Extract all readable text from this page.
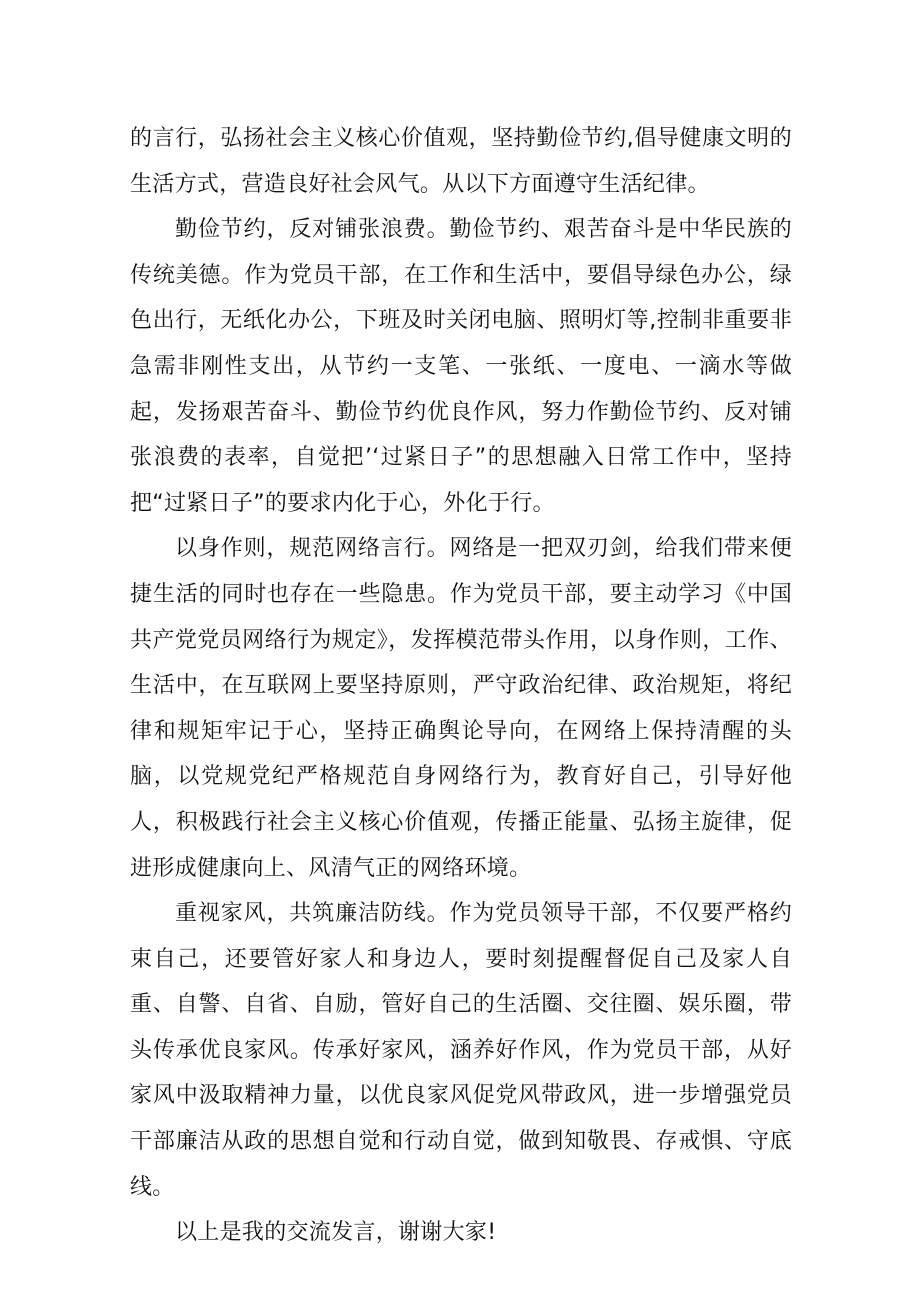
的言行，弘扬社会主义核心价值观，坚持勤俭节约,倡导健康文明的生活方式，营造良好社会风气。从以下方面遵守生活纪律。

勤俭节约，反对铺张浪费。勤俭节约、艰苦奋斗是中华民族的传统美德。作为党员干部，在工作和生活中，要倡导绿色办公，绿色出行，无纸化办公，下班及时关闭电脑、照明灯等,控制非重要非急需非刚性支出，从节约一支笔、一张纸、一度电、一滴水等做起，发扬艰苦奋斗、勤俭节约优良作风，努力作勤俭节约、反对铺张浪费的表率，自觉把’‘过紧日子”的思想融入日常工作中，坚持把“过紧日子”的要求内化于心，外化于行。

以身作则，规范网络言行。网络是一把双刃剑，给我们带来便捷生活的同时也存在一些隐患。作为党员干部，要主动学习《中国共产党党员网络行为规定》，发挥模范带头作用，以身作则，工作、生活中，在互联网上要坚持原则，严守政治纪律、政治规矩，将纪律和规矩牢记于心，坚持正确舆论导向，在网络上保持清醒的头脑，以党规党纪严格规范自身网络行为，教育好自己，引导好他人，积极践行社会主义核心价值观，传播正能量、弘扬主旋律，促进形成健康向上、风清气正的网络环境。

重视家风，共筑廉洁防线。作为党员领导干部，不仅要严格约束自己，还要管好家人和身边人，要时刻提醒督促自己及家人自重、自警、自省、自励，管好自己的生活圈、交往圈、娱乐圈，带头传承优良家风。传承好家风，涵养好作风，作为党员干部，从好家风中汲取精神力量，以优良家风促党风带政风，进一步增强党员干部廉洁从政的思想自觉和行动自觉，做到知敬畏、存戒惧、守底线。

以上是我的交流发言，谢谢大家!
